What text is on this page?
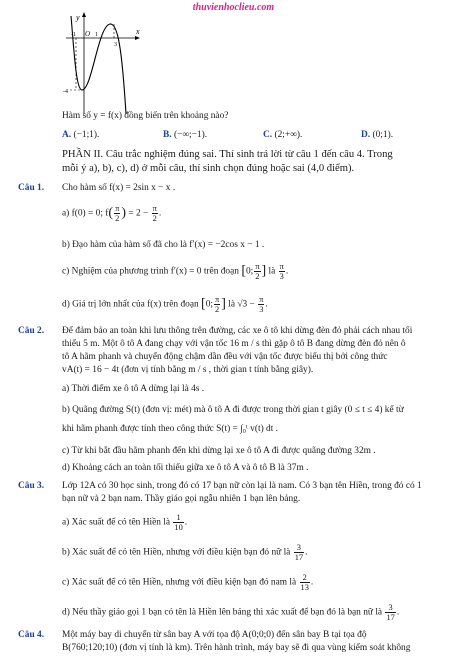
thuvienhoclieu.com
y
x
O
-1	1
3
-4
Hàm số y = f(x) đồng biến trên khoảng nào?
A. (−1;1).	B. (−∞;−1).	C. (2;+∞).	D. (0;1).
PHẦN II. Câu trắc nghiệm đúng sai. Thí sinh trả lời từ câu 1 đến câu 4. Trong
mỗi ý a), b), c), d) ở mỗi câu, thí sinh chọn đúng hoặc sai (4,0 điểm).
Câu 1. Cho hàm số f(x) = 2sin x − x .
a) f(0) = 0; $f( \frac{\pi}{2}$ ) = $2 - \frac{\pi}{2}$ .
b) Đạo hàm của hàm số đã cho là f′(x) = −2cos x − 1 .
c) Nghiệm của phương trình f′(x) = 0 trên đoạn [0; $\frac{\pi}{2}$ ] là $\frac{\pi}{3}$ .
d) Giá trị lớn nhất của f(x) trên đoạn [0; $\frac{\pi}{2}$ ] là $√3 - \frac{\pi}{3}$ .
Câu 2. Để đảm bảo an toàn khi lưu thông trên đường, các xe ô tô khi dừng đèn đỏ phải cách nhau tối
thiểu 5 m. Một ô tô A đang chạy với vận tốc 16 m / s thì gặp ô tô B đang dừng đèn đỏ nên ô
tô A hãm phanh và chuyển động chậm dần đều với vận tốc được biểu thị bởi công thức
vA(t) = 16 − 4t (đơn vị tính bằng m / s , thời gian t tính bằng giây).
a) Thời điểm xe ô tô A dừng lại là 4s .
b) Quãng đường S(t) (đơn vị: mét) mà ô tô A đi được trong thời gian t giây (0 ≤ t ≤ 4) kể từ
khi hãm phanh được tính theo công thức S(t) = ∫₀ᵗ v(t) dt .
c) Từ khi bắt đầu hãm phanh đến khi dừng lại xe ô tô A đi được quãng đường 32m .
d) Khoảng cách an toàn tối thiểu giữa xe ô tô A và ô tô B là 37m .
Câu 3. Lớp 12A có 30 học sinh, trong đó có 17 bạn nữ còn lại là nam. Có 3 bạn tên Hiền, trong đó có 1
bạn nữ và 2 bạn nam. Thầy giáo gọi ngẫu nhiên 1 bạn lên bảng.
a) Xác suất để có tên Hiền là $\frac{1}{10}$ .
b) Xác suất để có tên Hiền, nhưng với điều kiện bạn đó nữ là $\frac{3}{17}$ .
c) Xác suất để có tên Hiền, nhưng với điều kiện bạn đó nam là $\frac{2}{13}$ .
d) Nếu thầy giáo gọi 1 bạn có tên là Hiền lên bảng thì xác xuất để bạn đó là bạn nữ là $\frac{3}{17}$ .
Câu 4. Một máy bay di chuyển từ sân bay A với tọa độ A(0;0;0) đến sân bay B tại tọa độ
B(760;120;10) (đơn vị tính là km). Trên hành trình, máy bay sẽ đi qua vùng kiểm soát không
